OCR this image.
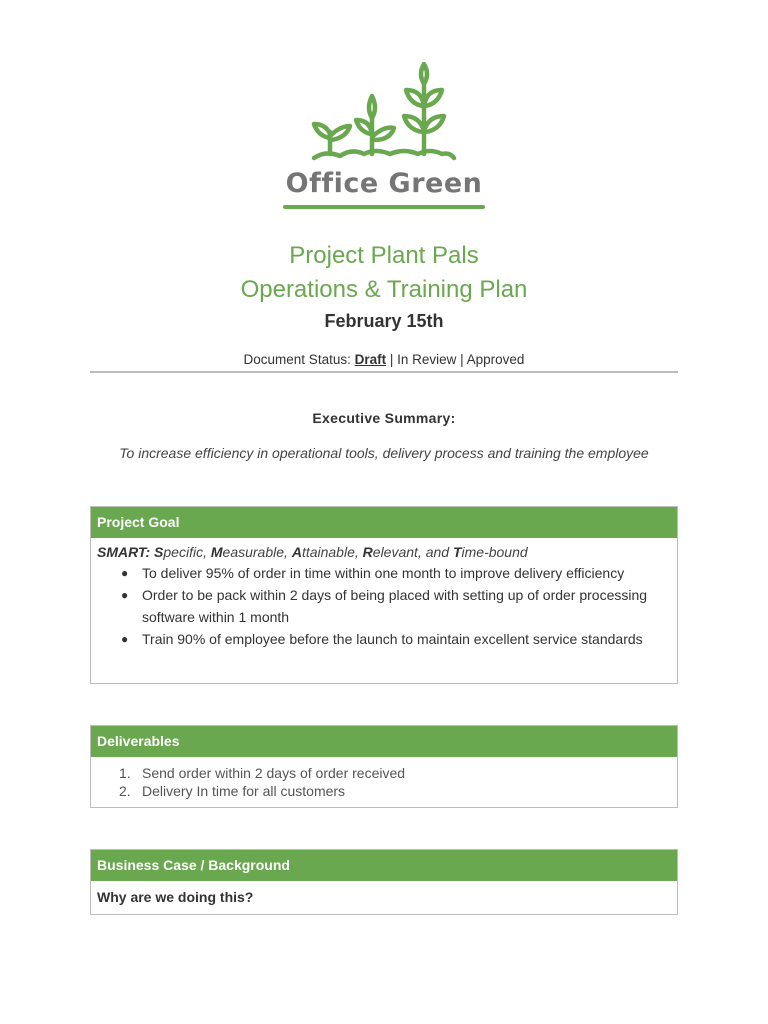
Office Green
Project Plant Pals
Operations & Training Plan
February 15th
Document Status: Draft | In Review | Approved
Executive Summary:
To increase efficiency in operational tools, delivery process and training the employee
Project Goal
SMART: Specific, Measurable, Attainable, Relevant, and Time-bound
● To deliver 95% of order in time within one month to improve delivery efficiency
● Order to be pack within 2 days of being placed with setting up of order processing software within 1 month
● Train 90% of employee before the launch to maintain excellent service standards
Deliverables
1. Send order within 2 days of order received
2. Delivery In time for all customers
Business Case / Background
Why are we doing this?
